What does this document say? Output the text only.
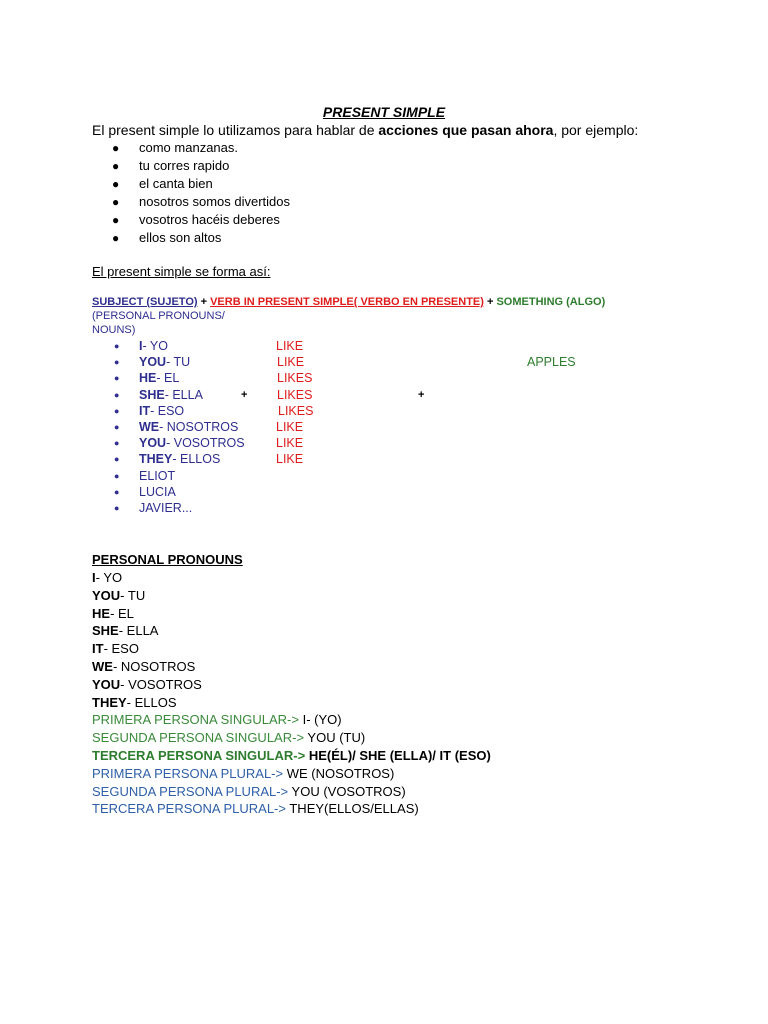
PRESENT SIMPLE
El present simple lo utilizamos para hablar de acciones que pasan ahora, por ejemplo:
● como manzanas.
● tu corres rapido
● el canta bien
● nosotros somos divertidos
● vosotros hacéis deberes
● ellos son altos
El present simple se forma así:
SUBJECT (SUJETO) + VERB IN PRESENT SIMPLE( VERBO EN PRESENTE) + SOMETHING (ALGO)
(PERSONAL PRONOUNS/
NOUNS)
● I- YO	LIKE
● YOU- TU	LIKE	APPLES
● HE- EL	LIKES
● SHE- ELLA	+ LIKES	+
● IT- ESO	LIKES
● WE- NOSOTROS	LIKE
● YOU- VOSOTROS	LIKE
● THEY- ELLOS	LIKE
● ELIOT
● LUCIA
● JAVIER...
PERSONAL PRONOUNS
I- YO
YOU- TU
HE- EL
SHE- ELLA
IT- ESO
WE- NOSOTROS
YOU- VOSOTROS
THEY- ELLOS
PRIMERA PERSONA SINGULAR-> I- (YO)
SEGUNDA PERSONA SINGULAR-> YOU (TU)
TERCERA PERSONA SINGULAR-> HE(ÉL)/ SHE (ELLA)/ IT (ESO)
PRIMERA PERSONA PLURAL-> WE (NOSOTROS)
SEGUNDA PERSONA PLURAL-> YOU (VOSOTROS)
TERCERA PERSONA PLURAL-> THEY(ELLOS/ELLAS)
